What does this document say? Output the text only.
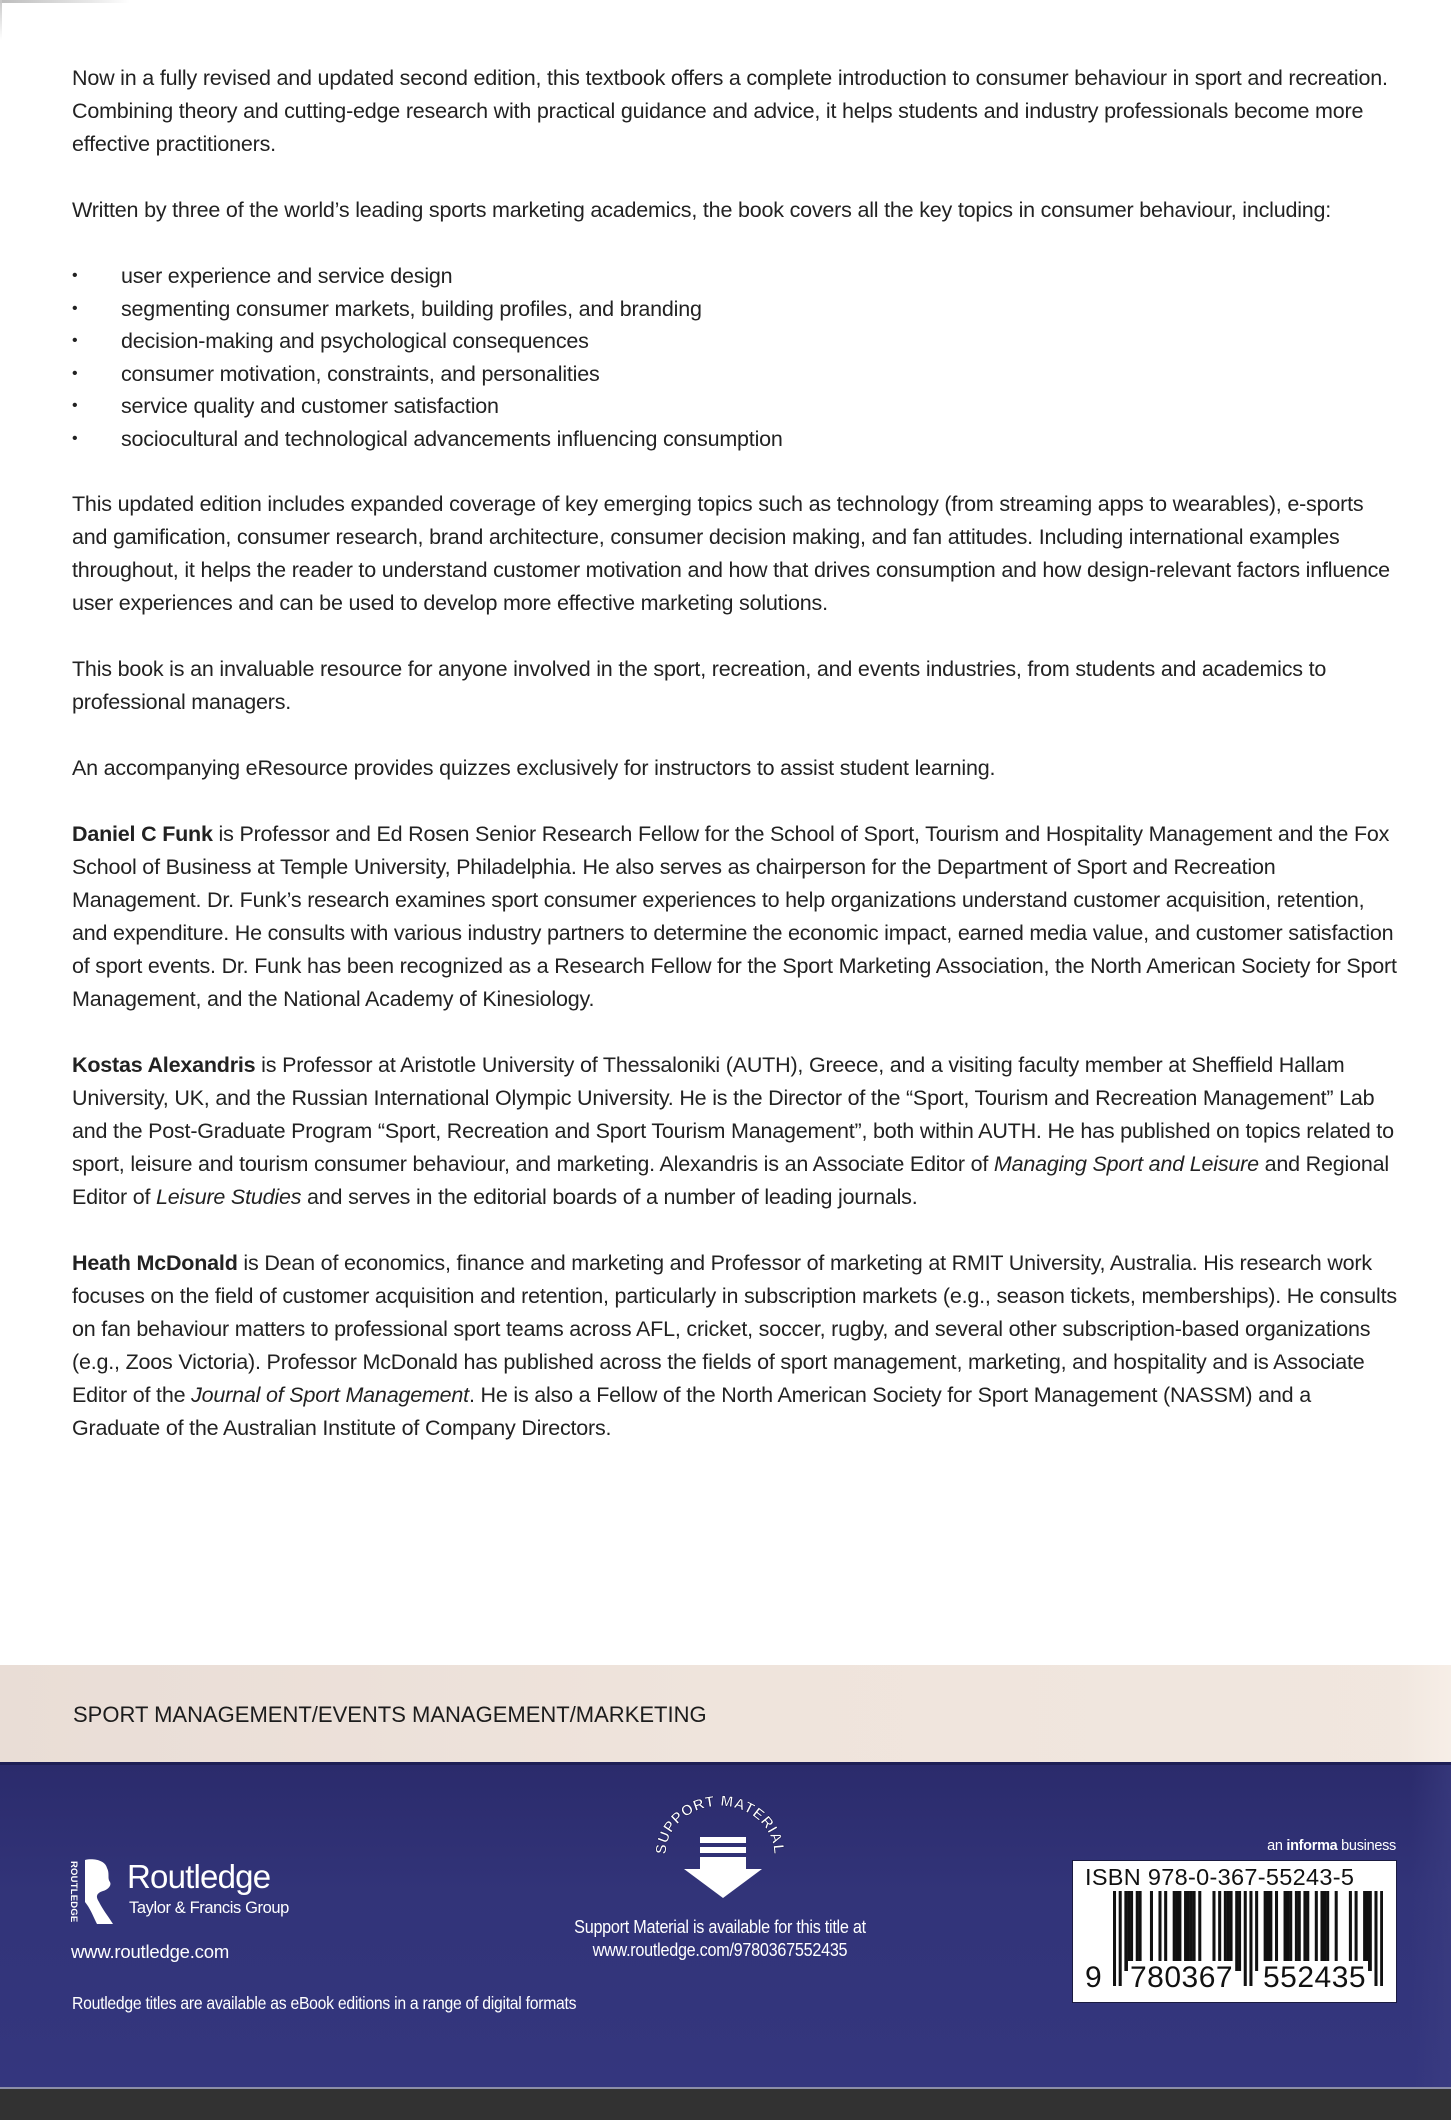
Now in a fully revised and updated second edition, this textbook offers a complete introduction to consumer behaviour in sport and recreation. Combining theory and cutting-edge research with practical guidance and advice, it helps students and industry professionals become more effective practitioners.

Written by three of the world’s leading sports marketing academics, the book covers all the key topics in consumer behaviour, including:

• user experience and service design
• segmenting consumer markets, building profiles, and branding
• decision-making and psychological consequences
• consumer motivation, constraints, and personalities
• service quality and customer satisfaction
• sociocultural and technological advancements influencing consumption

This updated edition includes expanded coverage of key emerging topics such as technology (from streaming apps to wearables), e-sports and gamification, consumer research, brand architecture, consumer decision making, and fan attitudes. Including international examples throughout, it helps the reader to understand customer motivation and how that drives consumption and how design-relevant factors influence user experiences and can be used to develop more effective marketing solutions.

This book is an invaluable resource for anyone involved in the sport, recreation, and events industries, from students and academics to professional managers.

An accompanying eResource provides quizzes exclusively for instructors to assist student learning.

Daniel C Funk is Professor and Ed Rosen Senior Research Fellow for the School of Sport, Tourism and Hospitality Management and the Fox School of Business at Temple University, Philadelphia. He also serves as chairperson for the Department of Sport and Recreation Management. Dr. Funk’s research examines sport consumer experiences to help organizations understand customer acquisition, retention, and expenditure. He consults with various industry partners to determine the economic impact, earned media value, and customer satisfaction of sport events. Dr. Funk has been recognized as a Research Fellow for the Sport Marketing Association, the North American Society for Sport Management, and the National Academy of Kinesiology.

Kostas Alexandris is Professor at Aristotle University of Thessaloniki (AUTH), Greece, and a visiting faculty member at Sheffield Hallam University, UK, and the Russian International Olympic University. He is the Director of the “Sport, Tourism and Recreation Management” Lab and the Post-Graduate Program “Sport, Recreation and Sport Tourism Management”, both within AUTH. He has published on topics related to sport, leisure and tourism consumer behaviour, and marketing. Alexandris is an Associate Editor of Managing Sport and Leisure and Regional Editor of Leisure Studies and serves in the editorial boards of a number of leading journals.

Heath McDonald is Dean of economics, finance and marketing and Professor of marketing at RMIT University, Australia. His research work focuses on the field of customer acquisition and retention, particularly in subscription markets (e.g., season tickets, memberships). He consults on fan behaviour matters to professional sport teams across AFL, cricket, soccer, rugby, and several other subscription-based organizations (e.g., Zoos Victoria). Professor McDonald has published across the fields of sport management, marketing, and hospitality and is Associate Editor of the Journal of Sport Management. He is also a Fellow of the North American Society for Sport Management (NASSM) and a Graduate of the Australian Institute of Company Directors.

SPORT MANAGEMENT/EVENTS MANAGEMENT/MARKETING
ROUTLEDGE Routledge
Taylor & Francis Group
www.routledge.com
Routledge titles are available as eBook editions in a range of digital formats
SUPPORT MATERIAL
Support Material is available for this title at
www.routledge.com/9780367552435
an informa business
ISBN 978-0-367-55243-5
9 780367 552435
